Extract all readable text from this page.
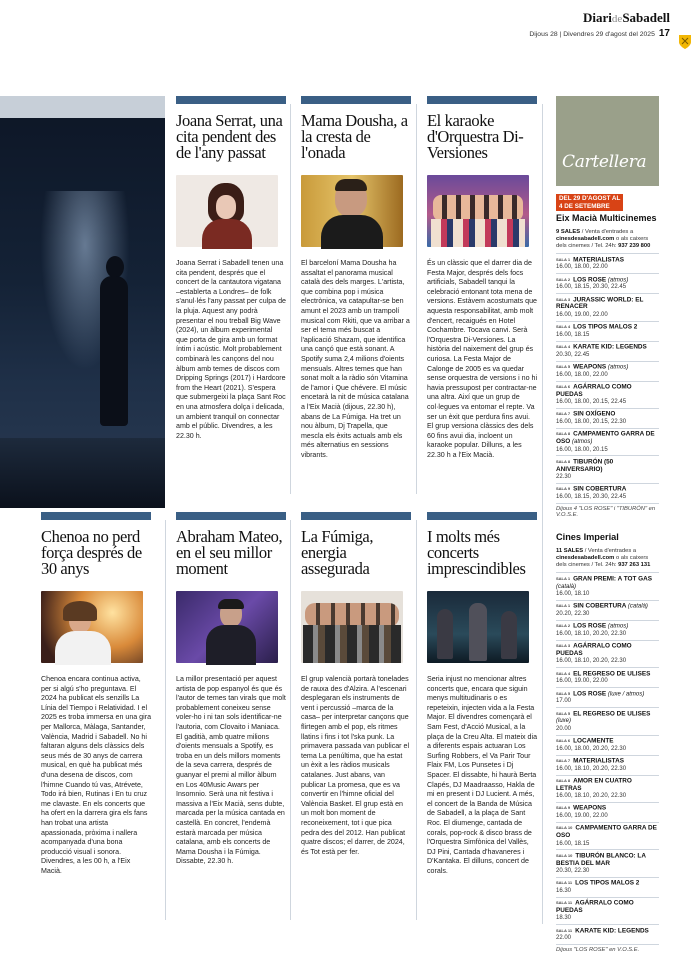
DiarideSabadell
Dijous 28 | Divendres 29 d'agost del 2025 17
Joana Serrat, una cita pendent des de l'any passat

Joana Serrat i Sabadell tenen una cita pendent, després que el concert de la cantautora vigatana –establerta a Londres– de folk s'anul·lés l'any passat per culpa de la pluja. Aquest any podrà presentar el nou treball Big Wave (2024), un àlbum experimental que porta de gira amb un format íntim i acústic. Molt probablement combinarà les cançons del nou àlbum amb temes de discos com Dripping Springs (2017) i Hardcore from the Heart (2021). S'espera que submergeixi la plaça Sant Roc en una atmosfera dolça i delicada, un ambient tranquil on connectar amb el públic. Divendres, a les 22.30 h.

Mama Dousha, a la cresta de l'onada

El barceloní Mama Dousha ha assaltat el panorama musical català des dels marges. L'artista, que combina pop i música electrònica, va catapultar-se ben amunt el 2023 amb un trampolí musical com Rkiti, que va arribar a ser el tema més buscat a l'aplicació Shazam, que identifica una cançó que està sonant. A Spotify suma 2,4 milions d'oients mensuals. Altres temes que han sonat molt a la ràdio són Vitamina de l'amor i Que chévere. El músic encetarà la nit de música catalana a l'Eix Macià (dijous, 22.30 h), abans de La Fúmiga. Ha tret un nou àlbum, Dj Trapella, que mescla els èxits actuals amb els més alternatius en sessions vibrants.

El karaoke d'Orquestra Di-Versiones

És un clàssic que el darrer dia de Festa Major, després dels focs artificials, Sabadell tanqui la celebració entonant tota mena de versions. Estàvem acostumats que aquesta responsabilitat, amb molt d'encert, recaigués en Hotel Cochambre. Tocava canvi. Serà l'Orquestra Di-Versiones. La història del naixement del grup és curiosa. La Festa Major de Calonge de 2005 es va quedar sense orquestra de versions i no hi havia pressupost per contractar-ne una altra. Així que un grup de col·legues va entomar el repte. Va ser un èxit que perdura fins avui. El grup versiona clàssics des dels 60 fins avui dia, incloent un karaoke popular. Dilluns, a les 22.30 h a l'Eix Macià.

Chenoa no perd força després de 30 anys

Chenoa encara continua activa, per si algú s'ho preguntava. El 2024 ha publicat els senzills La Línia del Tiempo i Relatividad. I el 2025 es troba immersa en una gira per Mallorca, Màlaga, Santander, València, Madrid i Sabadell. No hi faltaran alguns dels clàssics dels seus més de 30 anys de carrera musical, en què ha publicat més d'una desena de discos, com l'himne Cuando tú vas, Atrévete, Todo irá bien, Rutinas i En tu cruz me clavaste. En els concerts que ha ofert en la darrera gira els fans han trobat una artista apassionada, pròxima i nallera acompanyada d'una bona producció visual i sonora. Divendres, a les 00 h, a l'Eix Macià.

Abraham Mateo, en el seu millor moment

La millor presentació per aquest artista de pop espanyol és que és l'autor de temes tan virals que molt probablement coneixeu sense voler-ho i ni tan sols identificar-ne l'autoria, com Clovaito i Maniaca. El gaditià, amb quatre milions d'oients mensuals a Spotify, es troba en un dels millors moments de la seva carrera, després de guanyar el premi al millor àlbum en Los 40Music Awars per Insomnio. Serà una nit festiva i massiva a l'Eix Macià, sens dubte, marcada per la música cantada en castellà. En concret, l'endemà estarà marcada per música catalana, amb els concerts de Mama Dousha i la Fúmiga. Dissabte, 22.30 h.

La Fúmiga, energia assegurada

El grup valencià portarà tonelades de rauxa des d'Alzira. A l'escenari desplegaran els instruments de vent i percussió –marca de la casa– per interpretar cançons que flirtegen amb el pop, els ritmes llatins i fins i tot l'ska punk. La primavera passada van publicar el tema La penúltima, que ha estat un èxit a les ràdios musicals catalanes. Just abans, van publicar La promesa, que es va convertir en l'himne oficial del València Basket. El grup està en un molt bon moment de reconeixement, tot i que pica pedra des del 2012. Han publicat quatre discos; el darrer, de 2024, és Tot està per fer.

I molts més concerts imprescindibles

Seria injust no mencionar altres concerts que, encara que siguin menys multitudinaris o es repeteixin, injecten vida a la Festa Major. El divendres començarà el Sam Fest, d'Acció Musical, a la plaça de la Creu Alta. El mateix dia a diferents espais actuaran Los Surfing Robbers, el Va Parir Tour Flaix FM, Los Punsetes i Dj Spacer. El dissabte, hi haurà Berta Clapés, DJ Maadraasso, Hakla de mi en present i DJ Lucient. A més, el concert de la Banda de Música de Sabadell, a la plaça de Sant Roc. El diumenge, cantada de corals, pop-rock & disco brass de l'Orquestra Simfònica del Vallès, DJ Pini, Cantada d'havaneres i D'Kantaka. El dilluns, concert de corals.

Cartellera
DEL 29 D'AGOST AL
4 DE SETEMBRE
Eix Macià Multicinemes
9 SALES / Venta d'entrades a cinesdesabadell.com o als caixers dels cinemes / Tel. 24h: 937 239 800
SALA 1 MATERIALISTAS
16.00, 18.00, 22.00
SALA 2 LOS ROSE (atmos)
16.00, 18.15, 20.30, 22.45
SALA 3 JURASSIC WORLD: EL RENACER
16.00, 19.00, 22.00
SALA 4 LOS TIPOS MALOS 2
16.00, 18.15
SALA 4 KARATE KID: LEGENDS
20.30, 22.45
SALA 5 WEAPONS (atmos)
16.00, 18.00, 22.00
SALA 6 AGÁRRALO COMO PUEDAS
16.00, 18.00, 20.15, 22.45
SALA 7 SIN OXÍGENO
16.00, 18.00, 20.15, 22.30
SALA 8 CAMPAMENTO GARRA DE OSO (atmos)
16.00, 18.00, 20.15
SALA 8 TIBURÓN (50 ANIVERSARIO)
22.30
SALA 9 SIN COBERTURA
16.00, 18.15, 20.30, 22.45
Dijous 4 "LOS ROSE" i "TIBURÓN" en V.O.S.E.
Cines Imperial
11 SALES / Venta d'entrades a cinesdesabadell.com o als caixers dels cinemes / Tel. 24h: 937 263 131
SALA 1 GRAN PREMI: A TOT GAS (català)
16.00, 18.10
SALA 1 SIN COBERTURA (català)
20.20, 22.30
SALA 2 LOS ROSE (atmos)
16.00, 18.10, 20.20, 22.30
SALA 3 AGÁRRALO COMO PUEDAS
16.00, 18.10, 20.20, 22.30
SALA 4 EL REGRESO DE ULISES
16.00, 19.00, 22.00
SALA 5 LOS ROSE (luxe / atmos)
17.00
SALA 5 EL REGRESO DE ULISES (luxe)
20.00
SALA 6 LOCAMENTE
16.00, 18.00, 20.20, 22.30
SALA 7 MATERIALISTAS
16.00, 18.10, 20.20, 22.30
SALA 8 AMOR EN CUATRO LETRAS
16.00, 18.10, 20.20, 22.30
SALA 9 WEAPONS
16.00, 19.00, 22.00
SALA 10 CAMPAMENTO GARRA DE OSO
16.00, 18.15
SALA 10 TIBURÓN BLANCO: LA BESTIA DEL MAR
20.30, 22.30
SALA 11 LOS TIPOS MALOS 2
16.30
SALA 11 AGÁRRALO COMO PUEDAS
18.30
SALA 11 KARATE KID: LEGENDS
22.00
Dijous "LOS ROSE" en V.O.S.E.
